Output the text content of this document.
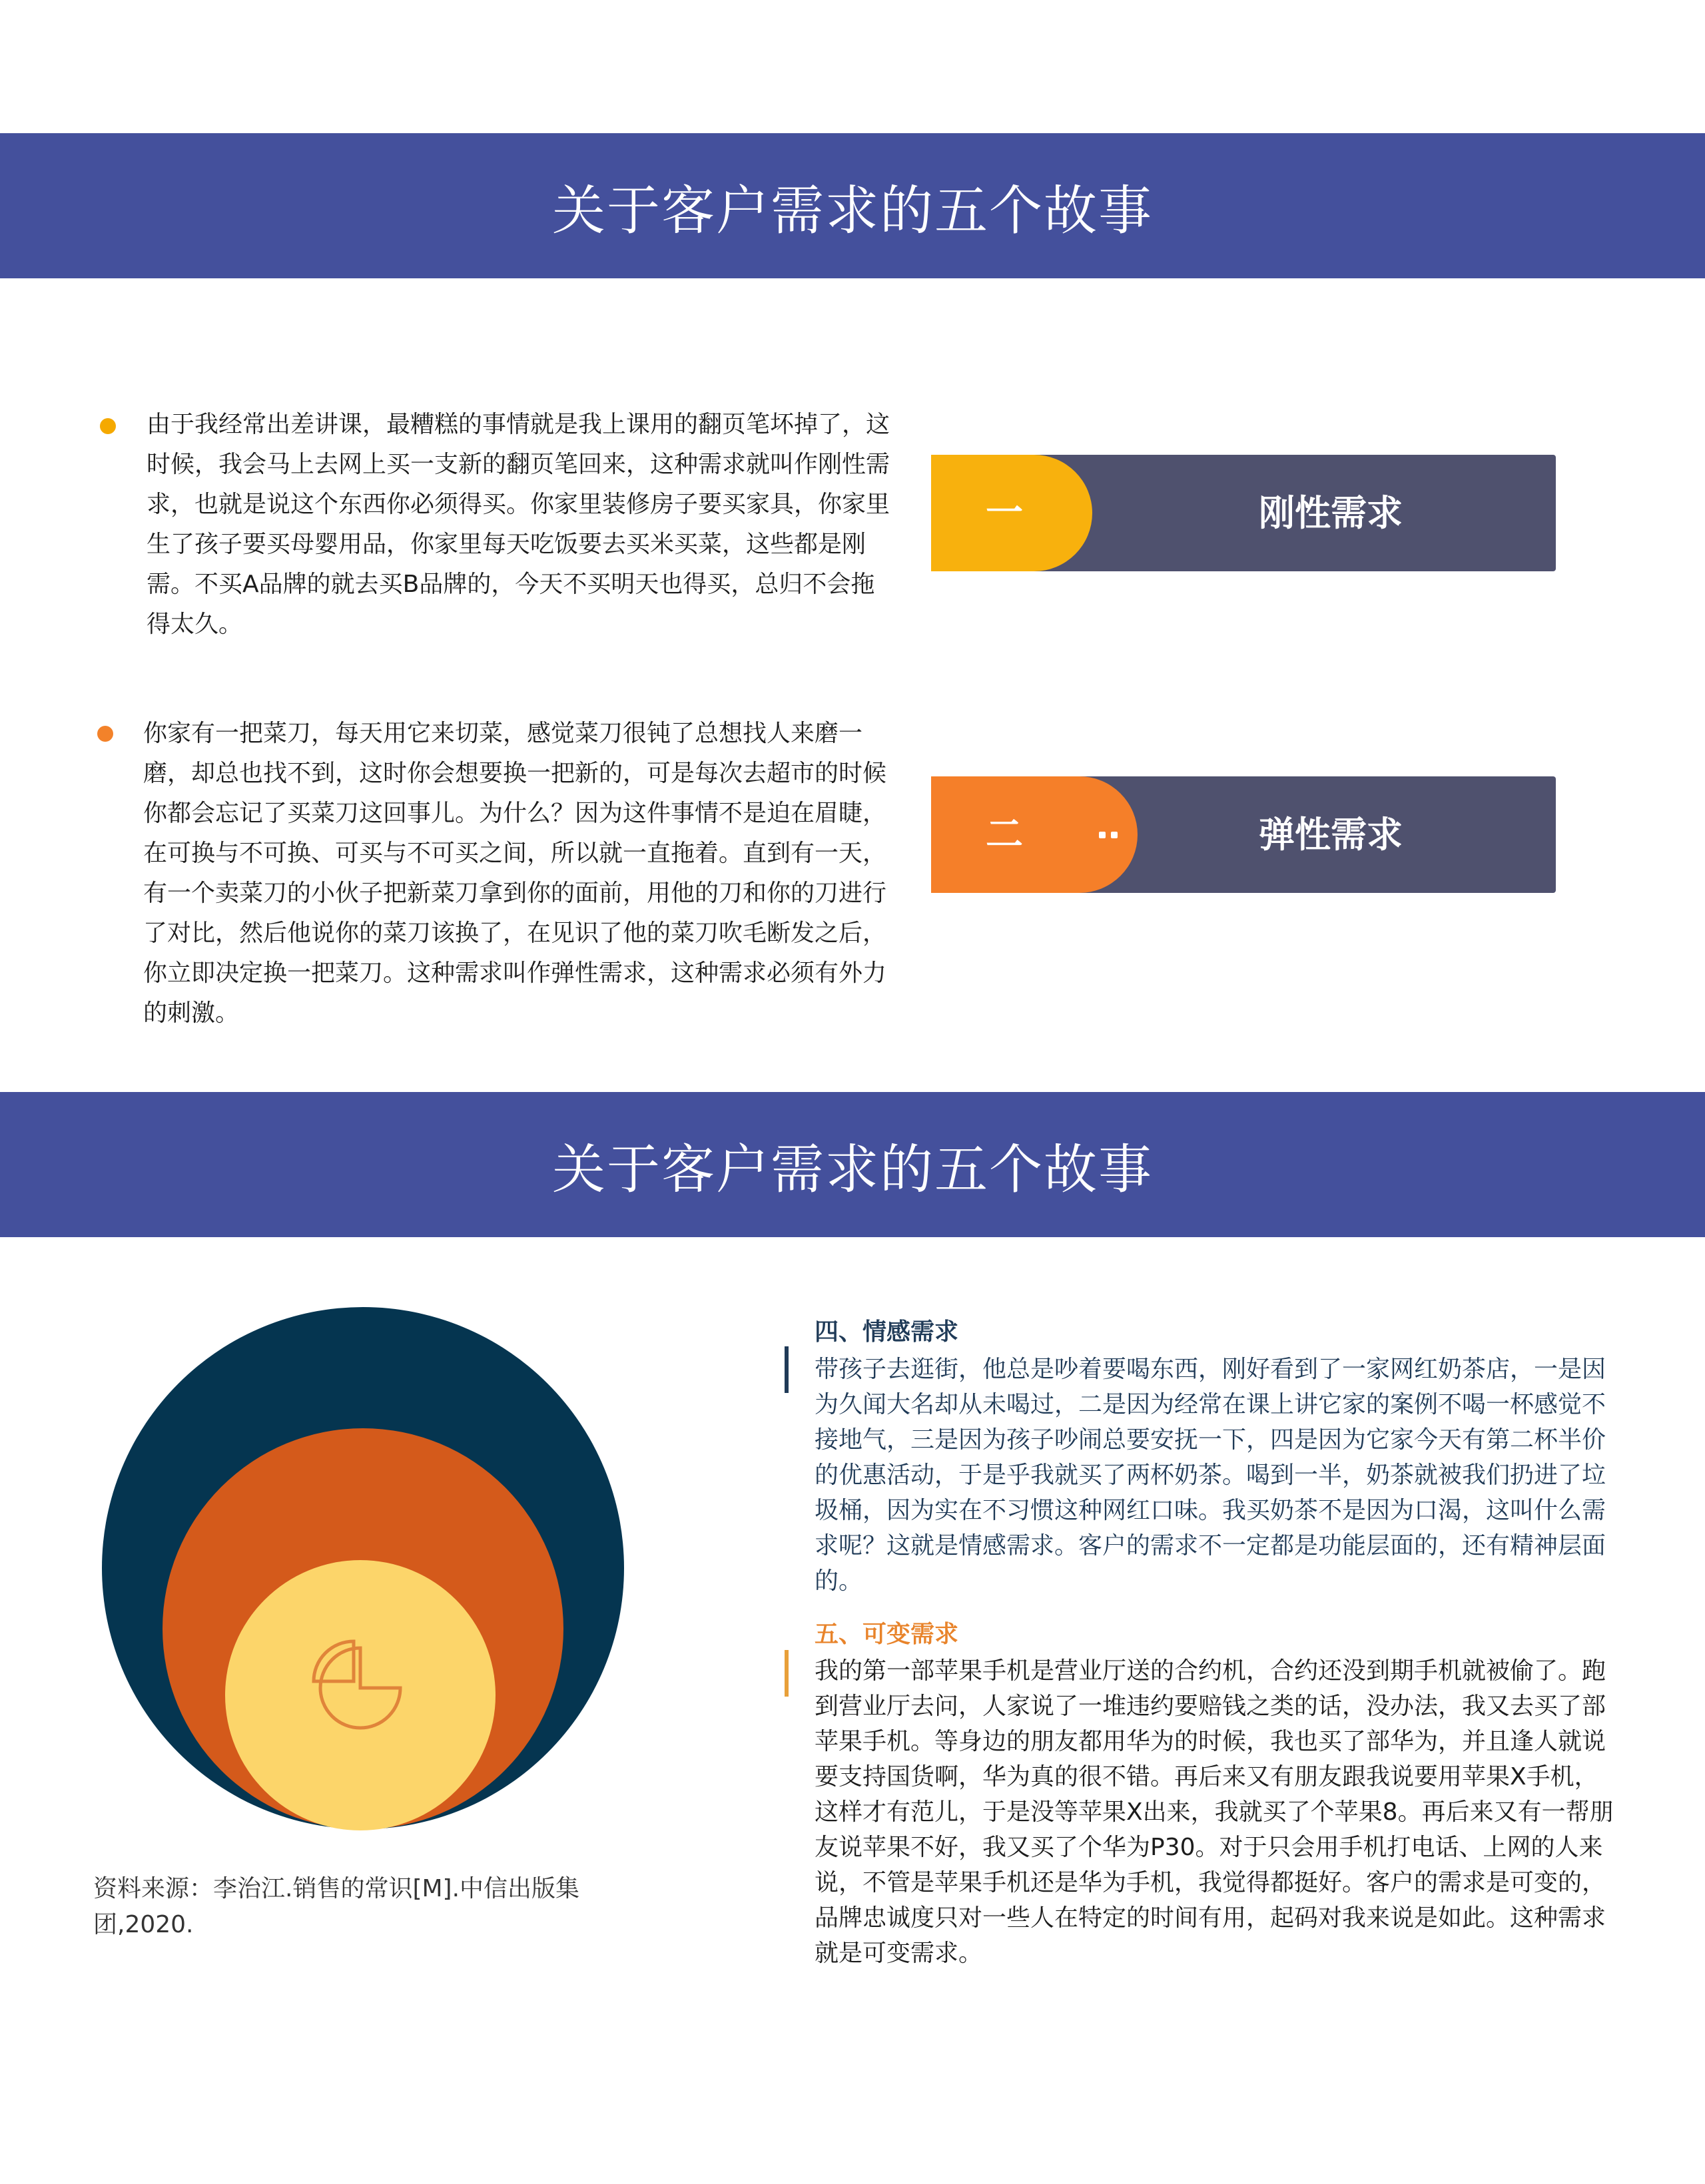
关于客户需求的五个故事

由于我经常出差讲课，最糟糕的事情就是我上课用的翻页笔坏掉了，这时候，我会马上去网上买一支新的翻页笔回来，这种需求就叫作刚性需求，也就是说这个东西你必须得买。你家里装修房子要买家具，你家里生了孩子要买母婴用品，你家里每天吃饭要去买米买菜，这些都是刚需。不买A品牌的就去买B品牌的，今天不买明天也得买，总归不会拖得太久。

一	刚性需求

你家有一把菜刀，每天用它来切菜，感觉菜刀很钝了总想找人来磨一磨，却总也找不到，这时你会想要换一把新的，可是每次去超市的时候你都会忘记了买菜刀这回事儿。为什么？因为这件事情不是迫在眉睫，在可换与不可换、可买与不可买之间，所以就一直拖着。直到有一天，有一个卖菜刀的小伙子把新菜刀拿到你的面前，用他的刀和你的刀进行了对比，然后他说你的菜刀该换了，在见识了他的菜刀吹毛断发之后，你立即决定换一把菜刀。这种需求叫作弹性需求，这种需求必须有外力的刺激。

二	弹性需求
关于客户需求的五个故事
资料来源：李治江.销售的常识[M].中信出版集团,2020.
四、情感需求

带孩子去逛街，他总是吵着要喝东西，刚好看到了一家网红奶茶店，一是因为久闻大名却从未喝过，二是因为经常在课上讲它家的案例不喝一杯感觉不接地气，三是因为孩子吵闹总要安抚一下，四是因为它家今天有第二杯半价的优惠活动，于是乎我就买了两杯奶茶。喝到一半，奶茶就被我们扔进了垃圾桶，因为实在不习惯这种网红口味。我买奶茶不是因为口渴，这叫什么需求呢？这就是情感需求。客户的需求不一定都是功能层面的，还有精神层面的。

五、可变需求

我的第一部苹果手机是营业厅送的合约机，合约还没到期手机就被偷了。跑到营业厅去问，人家说了一堆违约要赔钱之类的话，没办法，我又去买了部苹果手机。等身边的朋友都用华为的时候，我也买了部华为，并且逢人就说要支持国货啊，华为真的很不错。再后来又有朋友跟我说要用苹果X手机，这样才有范儿，于是没等苹果X出来，我就买了个苹果8。再后来又有一帮朋友说苹果不好，我又买了个华为P30。对于只会用手机打电话、上网的人来说，不管是苹果手机还是华为手机，我觉得都挺好。客户的需求是可变的，品牌忠诚度只对一些人在特定的时间有用，起码对我来说是如此。这种需求就是可变需求。
